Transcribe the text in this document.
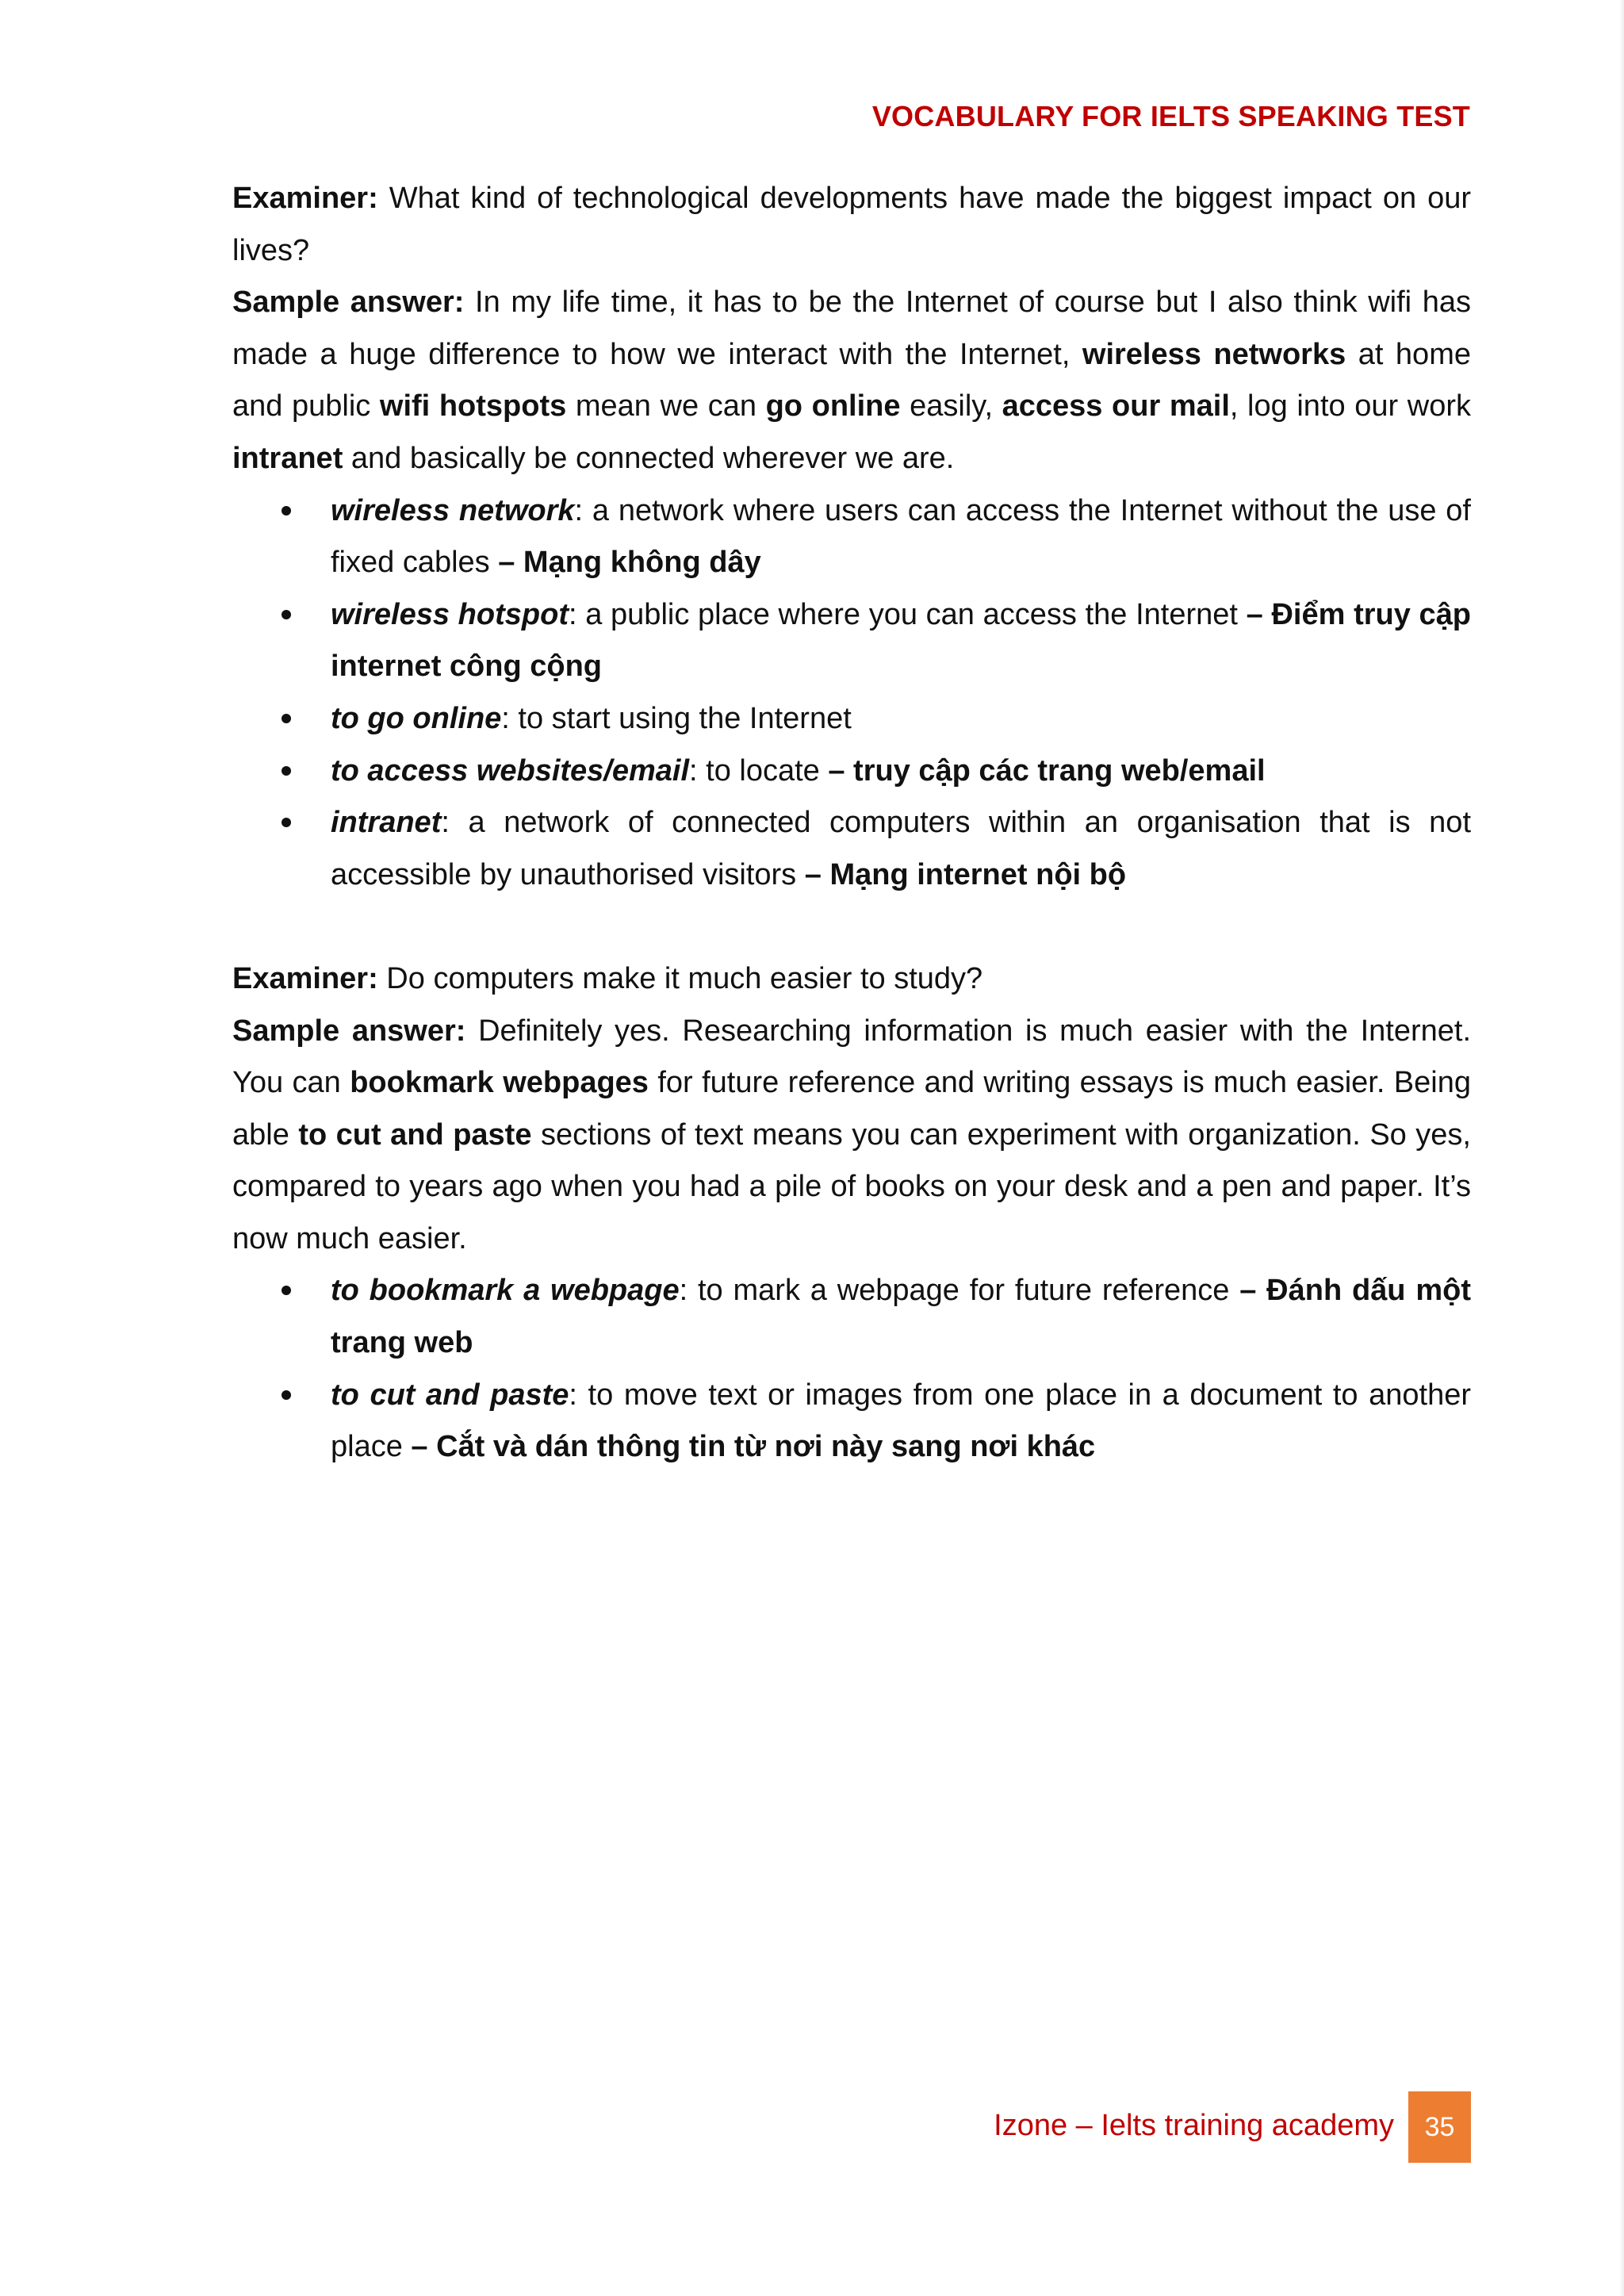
VOCABULARY FOR IELTS SPEAKING TEST

Examiner: What kind of technological developments have made the biggest impact on our lives?

Sample answer: In my life time, it has to be the Internet of course but I also think wifi has made a huge difference to how we interact with the Internet, wireless networks at home and public wifi hotspots mean we can go online easily, access our mail, log into our work intranet and basically be connected wherever we are.

wireless network: a network where users can access the Internet without the use of fixed cables – Mạng không dây
wireless hotspot: a public place where you can access the Internet – Điểm truy cập internet công cộng
to go online: to start using the Internet
to access websites/email: to locate – truy cập các trang web/email
intranet: a network of connected computers within an organisation that is not accessible by unauthorised visitors – Mạng internet nội bộ

Examiner: Do computers make it much easier to study?

Sample answer: Definitely yes. Researching information is much easier with the Internet. You can bookmark webpages for future reference and writing essays is much easier. Being able to cut and paste sections of text means you can experiment with organization. So yes, compared to years ago when you had a pile of books on your desk and a pen and paper. It’s now much easier.

to bookmark a webpage: to mark a webpage for future reference – Đánh dấu một trang web
to cut and paste: to move text or images from one place in a document to another place – Cắt và dán thông tin từ nơi này sang nơi khác
Izone – Ielts training academy 35
